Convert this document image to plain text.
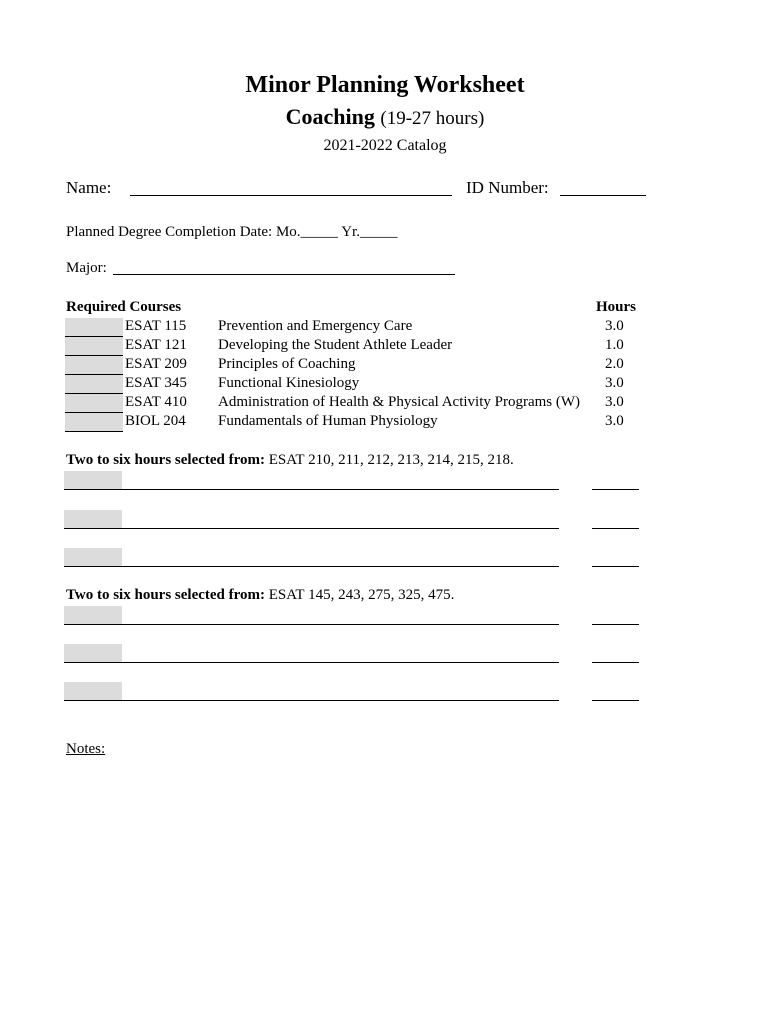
Minor Planning Worksheet
Coaching (19-27 hours)
2021-2022 Catalog
Name:	ID Number:
Planned Degree Completion Date: Mo._____ Yr._____
Major:
Required Courses	Hours
ESAT 115 Prevention and Emergency Care	3.0
ESAT 121 Developing the Student Athlete Leader	1.0
ESAT 209 Principles of Coaching	2.0
ESAT 345 Functional Kinesiology	3.0
ESAT 410 Administration of Health & Physical Activity Programs (W) 3.0
BIOL 204 Fundamentals of Human Physiology	3.0
Two to six hours selected from: ESAT 210, 211, 212, 213, 214, 215, 218.
Two to six hours selected from: ESAT 145, 243, 275, 325, 475.
Notes:
